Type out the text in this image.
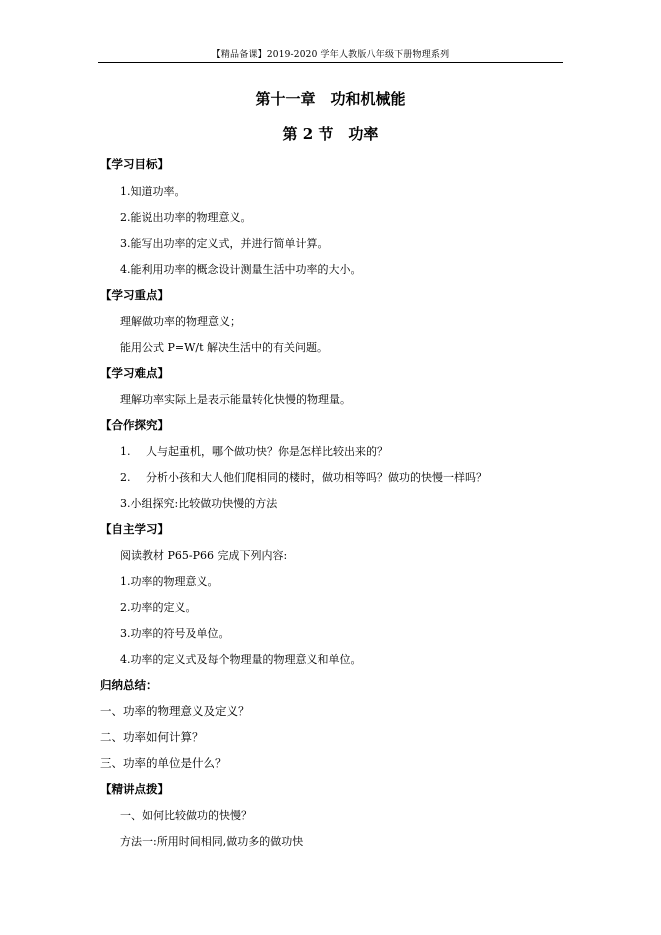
【精品备课】2019-2020 学年人教版八年级下册物理系列
第十一章　功和机械能
第 2 节　功率
【学习目标】
1.知道功率。
2.能说出功率的物理意义。
3.能写出功率的定义式，并进行简单计算。
4.能利用功率的概念设计测量生活中功率的大小。
【学习重点】
理解做功率的物理意义；
能用公式 P=W/t 解决生活中的有关问题。
【学习难点】
理解功率实际上是表示能量转化快慢的物理量。
【合作探究】
1. 人与起重机，哪个做功快？你是怎样比较出来的？
2. 分析小孩和大人他们爬相同的楼时，做功相等吗？做功的快慢一样吗？
3.小组探究:比较做功快慢的方法
【自主学习】
阅读教材 P65-P66 完成下列内容:
1.功率的物理意义。
2.功率的定义。
3.功率的符号及单位。
4.功率的定义式及每个物理量的物理意义和单位。
归纳总结：
一、功率的物理意义及定义？
二、功率如何计算？
三、功率的单位是什么？
【精讲点拨】
一、如何比较做功的快慢？
方法一:所用时间相同,做功多的做功快
